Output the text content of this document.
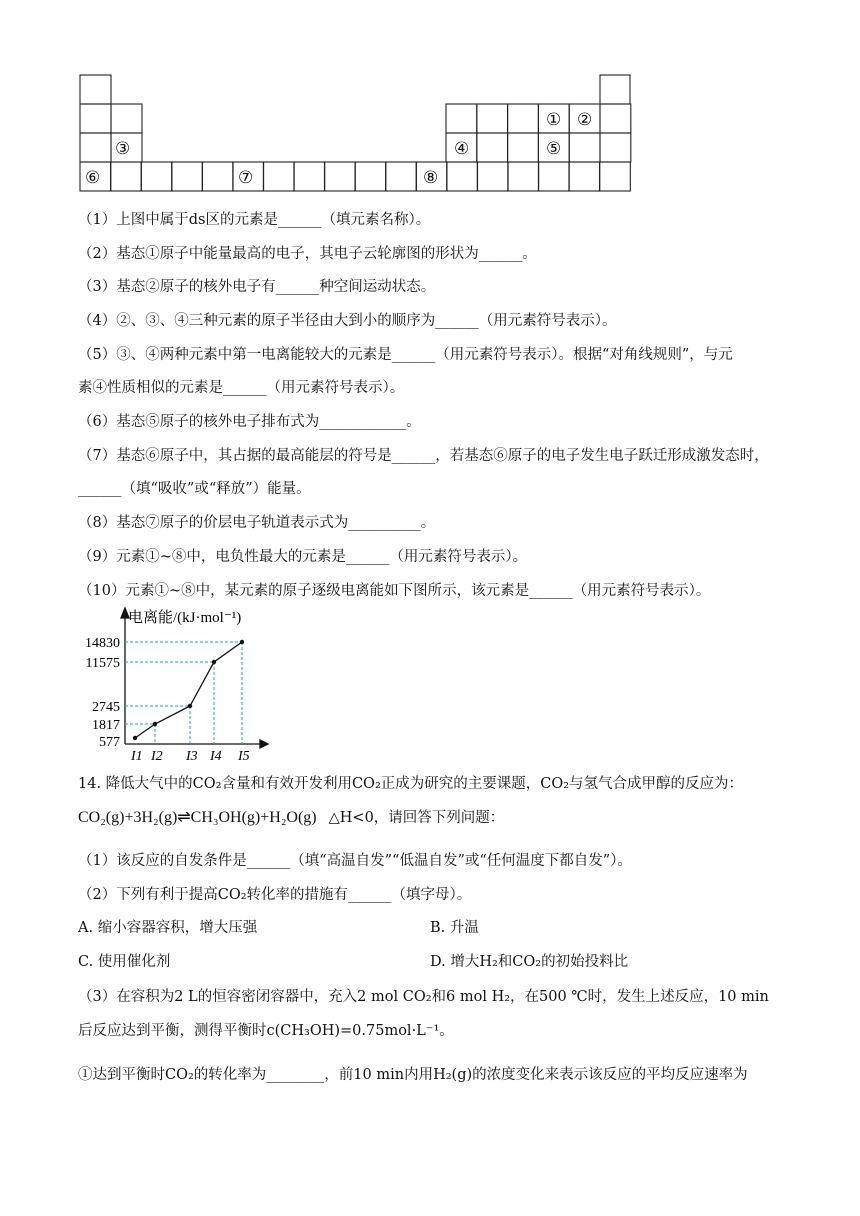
① ②
③	④	⑤
⑥	⑦	⑧
（1）上图中属于ds区的元素是______（填元素名称）。
（2）基态①原子中能量最高的电子，其电子云轮廓图的形状为______。
（3）基态②原子的核外电子有______种空间运动状态。
（4）②、③、④三种元素的原子半径由大到小的顺序为______（用元素符号表示）。
（5）③、④两种元素中第一电离能较大的元素是______（用元素符号表示）。根据“对角线规则”，与元
素④性质相似的元素是______（用元素符号表示）。
（6）基态⑤原子的核外电子排布式为____________。
（7）基态⑥原子中，其占据的最高能层的符号是______，若基态⑥原子的电子发生电子跃迁形成激发态时，
______（填“吸收”或“释放”）能量。
（8）基态⑦原子的价层电子轨道表示式为__________。
（9）元素①~⑧中，电负性最大的元素是______（用元素符号表示）。
（10）元素①~⑧中，某元素的原子逐级电离能如下图所示，该元素是______（用元素符号表示）。
电离能/(kJ·mol⁻¹)
14830
11575
2745
1817
577
I1 I2 I3 I4 I5
14. 降低大气中的CO₂含量和有效开发利用CO₂正成为研究的主要课题，CO₂与氢气合成甲醇的反应为：
CO₂(g)+3H₂(g)⇌CH₃OH(g)+H₂O(g) △H<0，请回答下列问题：
（1）该反应的自发条件是______（填“高温自发”“低温自发”或“任何温度下都自发”）。
（2）下列有利于提高CO₂转化率的措施有______（填字母）。
A. 缩小容器容积，增大压强	B. 升温
C. 使用催化剂	D. 增大H₂和CO₂的初始投料比
（3）在容积为2 L的恒容密闭容器中，充入2 mol CO₂和6 mol H₂，在500 ℃时，发生上述反应，10 min
后反应达到平衡，测得平衡时c(CH₃OH)=0.75mol·L⁻¹。
①达到平衡时CO₂的转化率为________，前10 min内用H₂(g)的浓度变化来表示该反应的平均反应速率为
